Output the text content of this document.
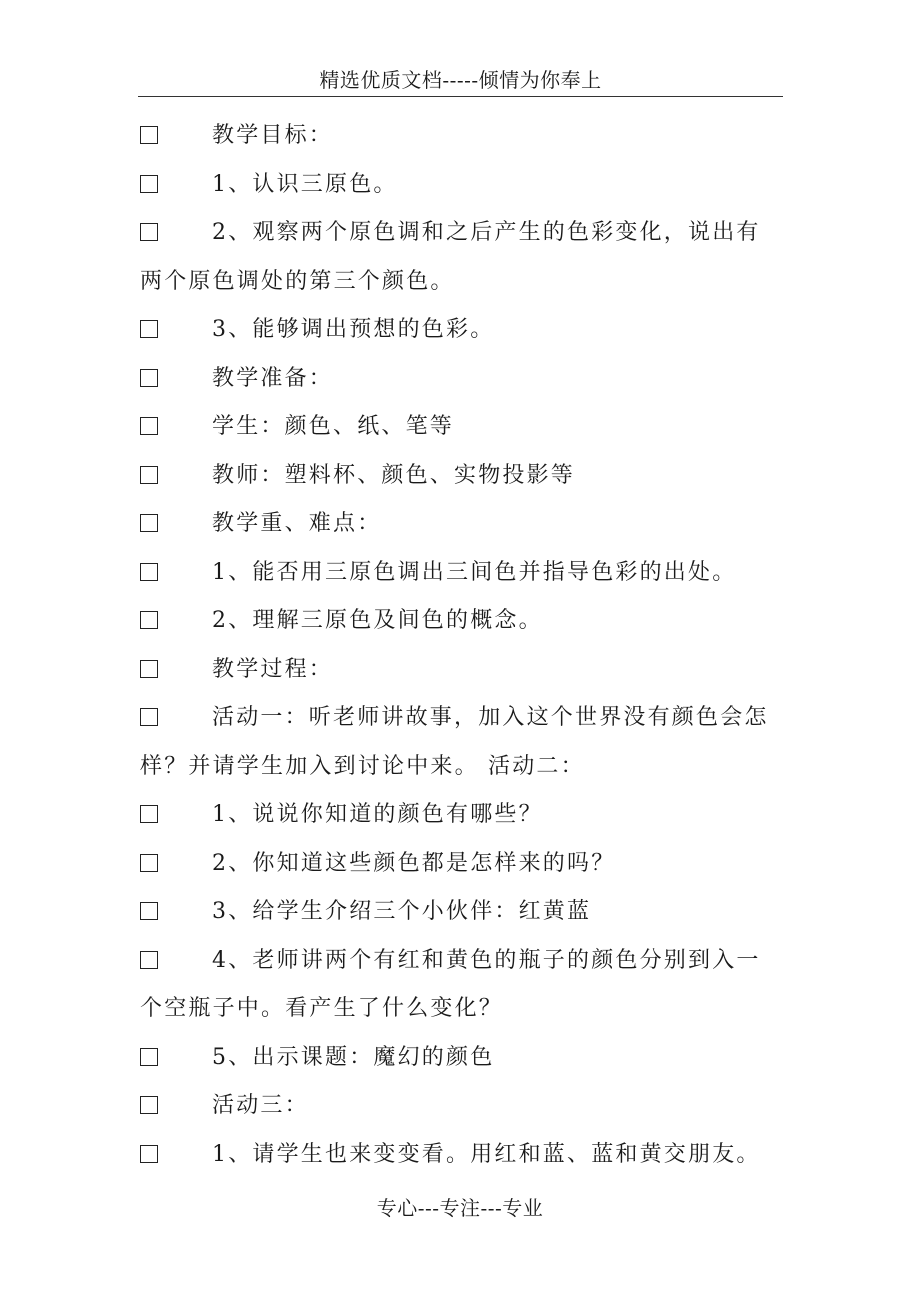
精选优质文档-----倾情为你奉上
教学目标：
1、认识三原色。
2、观察两个原色调和之后产生的色彩变化，说出有两个原色调处的第三个颜色。
3、能够调出预想的色彩。
教学准备：
学生：颜色、纸、笔等
教师：塑料杯、颜色、实物投影等
教学重、难点：
1、能否用三原色调出三间色并指导色彩的出处。
2、理解三原色及间色的概念。
教学过程：
活动一：听老师讲故事，加入这个世界没有颜色会怎样？并请学生加入到讨论中来。 活动二：
1、说说你知道的颜色有哪些？
2、你知道这些颜色都是怎样来的吗？
3、给学生介绍三个小伙伴：红黄蓝
4、老师讲两个有红和黄色的瓶子的颜色分别到入一个空瓶子中。看产生了什么变化？
5、出示课题：魔幻的颜色
活动三：
1、请学生也来变变看。用红和蓝、蓝和黄交朋友。
专心---专注---专业
